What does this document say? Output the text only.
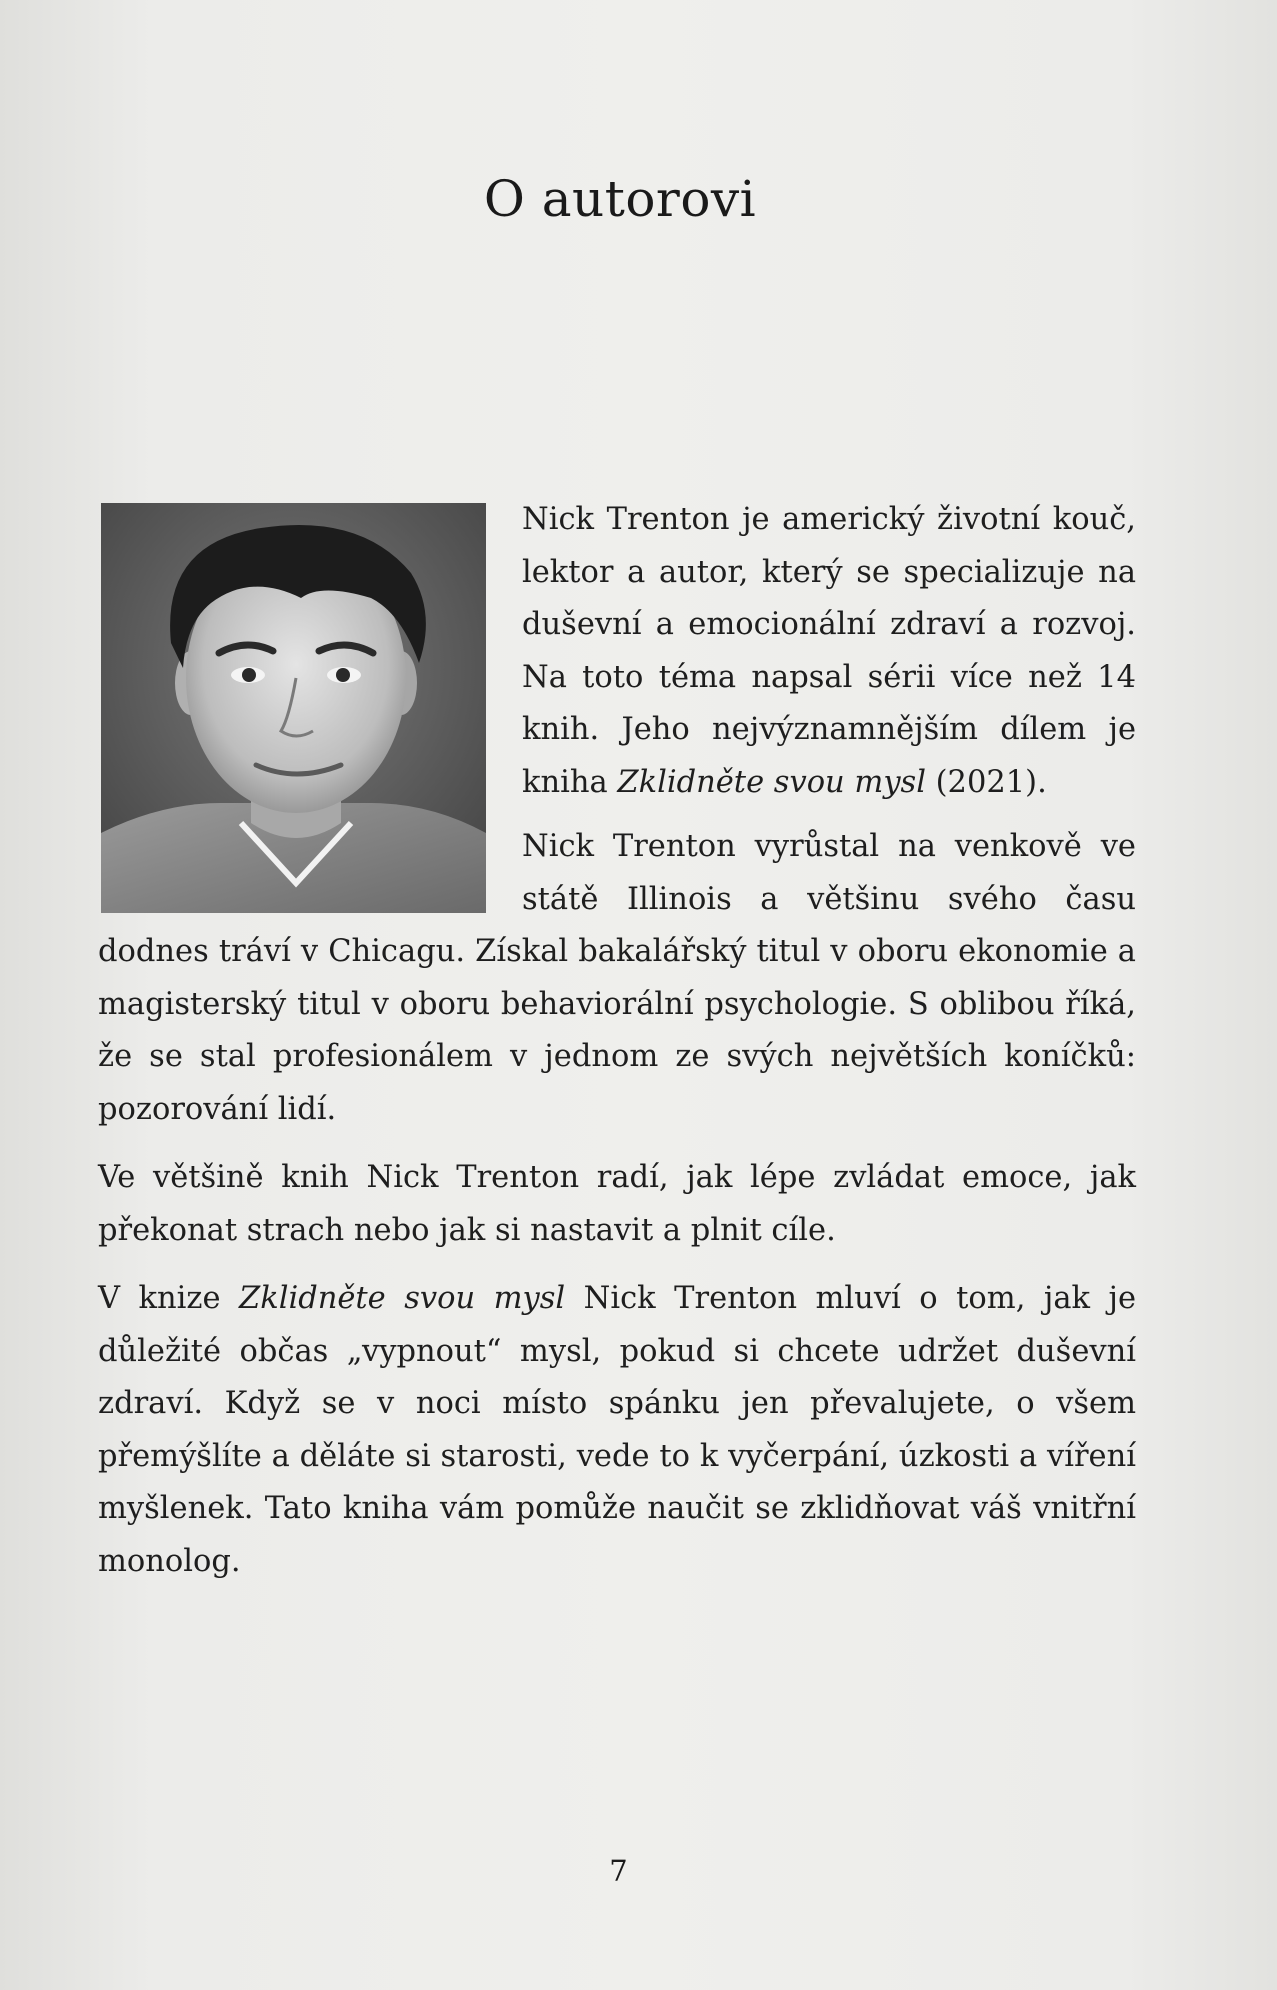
O autorovi

Nick Trenton je americký životní kouč, lektor a autor, který se specializuje na duševní a emocionální zdraví a rozvoj. Na toto téma napsal sérii více než 14 knih. Jeho nejvýznamnějším dílem je kniha Zklidněte svou mysl (2021).

Nick Trenton vyrůstal na venkově ve státě Illinois a většinu svého času dodnes tráví v Chicagu. Získal bakalářský titul v oboru ekonomie a magisterský titul v oboru behaviorální psychologie. S oblibou říká, že se stal profesionálem v jednom ze svých největších koníčků: pozorování lidí.

Ve většině knih Nick Trenton radí, jak lépe zvládat emoce, jak překonat strach nebo jak si nastavit a plnit cíle.

V knize Zklidněte svou mysl Nick Trenton mluví o tom, jak je důležité občas „vypnout“ mysl, pokud si chcete udržet duševní zdraví. Když se v noci místo spánku jen převalujete, o všem přemýšlíte a děláte si starosti, vede to k vyčerpání, úzkosti a víření myšlenek. Tato kniha vám pomůže naučit se zklidňovat váš vnitřní monolog.

7
